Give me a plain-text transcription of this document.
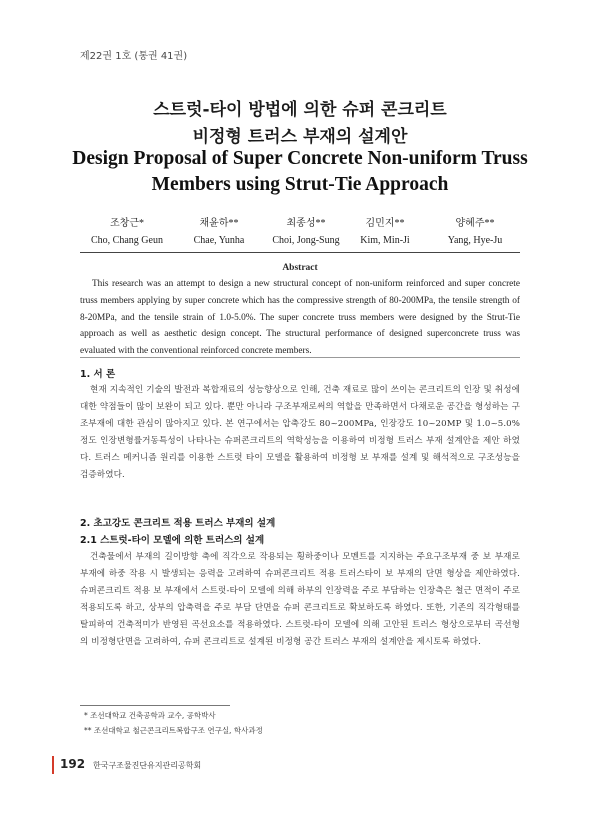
제22권 1호 (통권 41권)
스트럿-타이 방법에 의한 슈퍼 콘크리트
비정형 트러스 부재의 설계안
Design Proposal of Super Concrete Non-uniform Truss
Members using Strut-Tie Approach
조창근*
Cho, Chang Geun
채윤하**
Chae, Yunha
최종성**
Choi, Jong-Sung
김민지**
Kim, Min-Ji
양혜주**
Yang, Hye-Ju
Abstract
This research was an attempt to design a new structural concept of non-uniform reinforced and super concrete truss members applying by super concrete which has the compressive strength of 80-200MPa, the tensile strength of 8-20MPa, and the tensile strain of 1.0-5.0%. The super concrete truss members were designed by the Strut-Tie approach as well as aesthetic design concept. The structural performance of designed superconcrete truss was evaluated with the conventional reinforced concrete members.
1. 서 론
현재 지속적인 기술의 발전과 복합재료의 성능향상으로 인해, 건축 재료로 많이 쓰이는 콘크리트의 인장 및 취성에 대한 약점들이 많이 보완이 되고 있다. 뿐만 아니라 구조부재로써의 역할을 만족하면서 다채로운 공간을 형성하는 구조부재에 대한 관심이 많아지고 있다. 본 연구에서는 압축강도 80~200MPa, 인장강도 10~20MP 및 1.0~5.0%정도 인장변형률거동특성이 나타나는 슈퍼콘크리트의 역학성능을 이용하여 비정형 트러스 부재 설계안을 제안 하였다. 트러스 메커니즘 원리를 이용한 스트럿 타이 모델을 활용하여 비정형 보 부재를 설계 및 해석적으로 구조성능을 검증하였다.
2. 초고강도 콘크리트 적용 트러스 부재의 설계
2.1 스트럿-타이 모델에 의한 트러스의 설계
건축물에서 부재의 길이방향 축에 직각으로 작용되는 횡하중이나 모멘트를 지지하는 주요구조부재 중 보 부재로 부재에 하중 작용 시 발생되는 응력을 고려하여 슈퍼콘크리트 적용 트러스타이 보 부재의 단면 형상을 제안하였다. 슈퍼콘크리트 적용 보 부재에서 스트럿-타이 모델에 의해 하부의 인장력을 주로 부담하는 인장측은 철근 면적이 주로 적용되도록 하고, 상부의 압축력을 주로 부담 단면을 슈퍼 콘크리트로 확보하도록 하였다. 또한, 기존의 직각형태를 탈피하여 건축적미가 반영된 곡선요소를 적용하였다. 스트럿-타이 모델에 의해 고안된 트러스 형상으로부터 곡선형의 비정형단면을 고려하여, 슈퍼 콘크리트로 설계된 비정형 공간 트러스 부재의 설계안을 제시토록 하였다.
* 조선대학교 건축공학과 교수, 공학박사
** 조선대학교 철근콘크리트복합구조 연구실, 학사과정
192 한국구조물진단유지관리공학회
